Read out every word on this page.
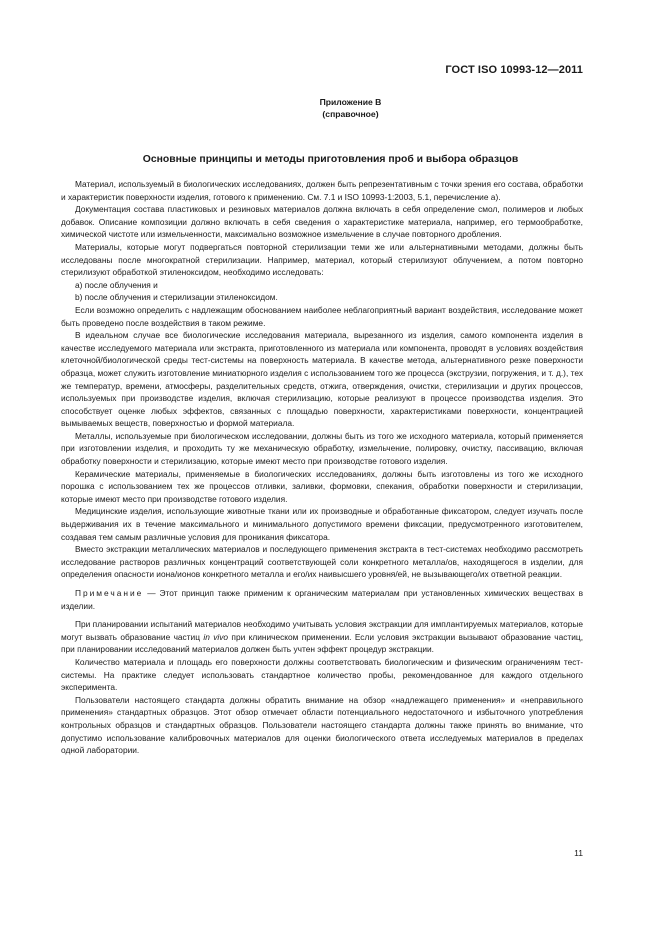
ГОСТ ISO 10993-12—2011
Приложение В
(справочное)
Основные принципы и методы приготовления проб и выбора образцов

Материал, используемый в биологических исследованиях, должен быть репрезентативным с точки зрения его состава, обработки и характеристик поверхности изделия, готового к применению. См. 7.1 и ISO 10993-1:2003, 5.1, перечисление а).

Документация состава пластиковых и резиновых материалов должна включать в себя определение смол, полимеров и любых добавок. Описание композиции должно включать в себя сведения о характеристике материала, например, его термообработке, химической чистоте или измельченности, максимально возможное измельчение в случае повторного дробления.

Материалы, которые могут подвергаться повторной стерилизации теми же или альтернативными методами, должны быть исследованы после многократной стерилизации. Например, материал, который стерилизуют облучением, а потом повторно стерилизуют обработкой этиленоксидом, необходимо исследовать:

a) после облучения и

b) после облучения и стерилизации этиленоксидом.

Если возможно определить с надлежащим обоснованием наиболее неблагоприятный вариант воздействия, исследование может быть проведено после воздействия в таком режиме.

В идеальном случае все биологические исследования материала, вырезанного из изделия, самого компонента изделия в качестве исследуемого материала или экстракта, приготовленного из материала или компонента, проводят в условиях воздействия клеточной/биологической среды тест-системы на поверхность материала. В качестве метода, альтернативного резке поверхности образца, может служить изготовление миниатюрного изделия с использованием того же процесса (экструзии, погружения, и т. д.), тех же температур, времени, атмосферы, разделительных средств, отжига, отверждения, очистки, стерилизации и других процессов, используемых при производстве изделия, включая стерилизацию, которые реализуют в процессе производства изделия. Это способствует оценке любых эффектов, связанных с площадью поверхности, характеристиками поверхности, концентрацией вымываемых веществ, поверхностью и формой материала.

Металлы, используемые при биологическом исследовании, должны быть из того же исходного материала, который применяется при изготовлении изделия, и проходить ту же механическую обработку, измельчение, полировку, очистку, пассивацию, включая обработку поверхности и стерилизацию, которые имеют место при производстве готового изделия.

Керамические материалы, применяемые в биологических исследованиях, должны быть изготовлены из того же исходного порошка с использованием тех же процессов отливки, заливки, формовки, спекания, обработки поверхности и стерилизации, которые имеют место при производстве готового изделия.

Медицинские изделия, использующие животные ткани или их производные и обработанные фиксатором, следует изучать после выдерживания их в течение максимального и минимального допустимого времени фиксации, предусмотренного изготовителем, создавая тем самым различные условия для проникания фиксатора.

Вместо экстракции металлических материалов и последующего применения экстракта в тест-системах необходимо рассмотреть исследование растворов различных концентраций соответствующей соли конкретного металла/ов, находящегося в изделии, для определения опасности иона/ионов конкретного металла и его/их наивысшего уровня/ей, не вызывающего/их ответной реакции.

Примечание — Этот принцип также применим к органическим материалам при установленных химических веществах в изделии.

При планировании испытаний материалов необходимо учитывать условия экстракции для имплантируемых материалов, которые могут вызвать образование частиц in vivo при клиническом применении. Если условия экстракции вызывают образование частиц, при планировании исследований материалов должен быть учтен эффект процедур экстракции.

Количество материала и площадь его поверхности должны соответствовать биологическим и физическим ограничениям тест-системы. На практике следует использовать стандартное количество пробы, рекомендованное для каждого отдельного эксперимента.

Пользователи настоящего стандарта должны обратить внимание на обзор «надлежащего применения» и «неправильного применения» стандартных образцов. Этот обзор отмечает области потенциального недостаточного и избыточного употребления контрольных образцов и стандартных образцов. Пользователи настоящего стандарта должны также принять во внимание, что допустимо использование калибровочных материалов для оценки биологического ответа исследуемых материалов в пределах одной лаборатории.

11
